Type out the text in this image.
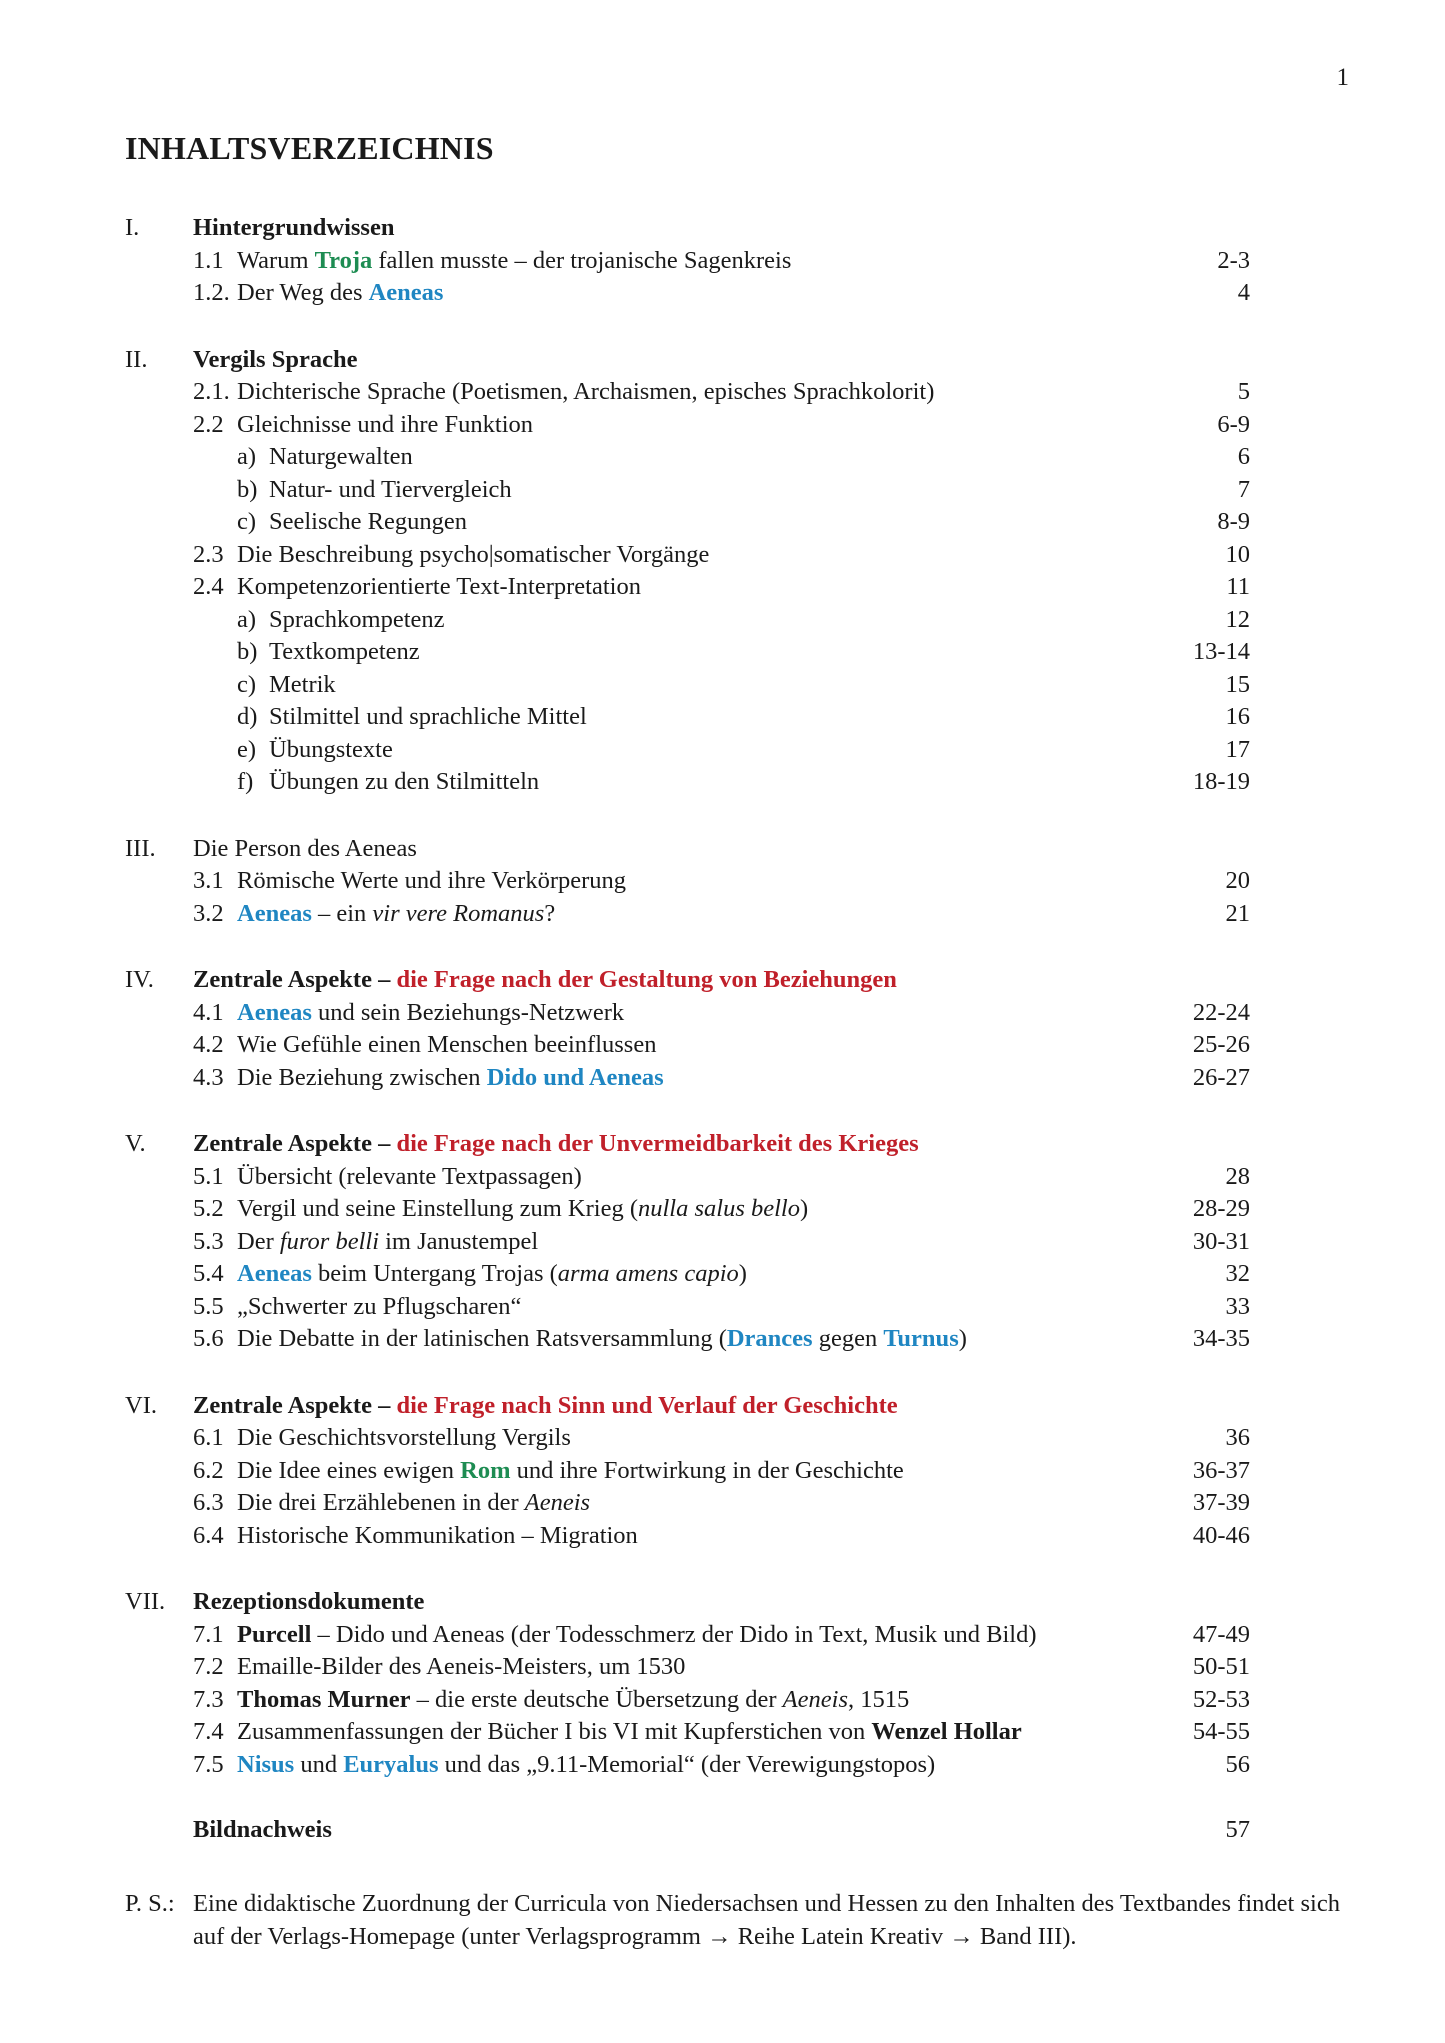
1
INHALTSVERZEICHNIS
I.	Hintergrundwissen
1.1 Warum Troja fallen musste – der trojanische Sagenkreis	2-3
1.2. Der Weg des Aeneas	4
II.	Vergils Sprache
2.1. Dichterische Sprache (Poetismen, Archaismen, episches Sprachkolorit)	5
2.2 Gleichnisse und ihre Funktion	6-9
a) Naturgewalten	6
b) Natur- und Tiervergleich	7
c) Seelische Regungen	8-9
2.3 Die Beschreibung psycho|somatischer Vorgänge	10
2.4 Kompetenzorientierte Text-Interpretation	11
a) Sprachkompetenz	12
b) Textkompetenz	13-14
c) Metrik	15
d) Stilmittel und sprachliche Mittel	16
e) Übungstexte	17
f) Übungen zu den Stilmitteln	18-19
III.	Die Person des Aeneas
3.1 Römische Werte und ihre Verkörperung	20
3.2 Aeneas – ein vir vere Romanus?	21
IV.	Zentrale Aspekte – die Frage nach der Gestaltung von Beziehungen
4.1 Aeneas und sein Beziehungs-Netzwerk	22-24
4.2 Wie Gefühle einen Menschen beeinflussen	25-26
4.3 Die Beziehung zwischen Dido und Aeneas	26-27
V.	Zentrale Aspekte – die Frage nach der Unvermeidbarkeit des Krieges
5.1 Übersicht (relevante Textpassagen)	28
5.2 Vergil und seine Einstellung zum Krieg (nulla salus bello)	28-29
5.3 Der furor belli im Janustempel	30-31
5.4 Aeneas beim Untergang Trojas (arma amens capio)	32
5.5 „Schwerter zu Pflugscharen“	33
5.6 Die Debatte in der latinischen Ratsversammlung (Drances gegen Turnus)	34-35
VI.	Zentrale Aspekte – die Frage nach Sinn und Verlauf der Geschichte
6.1 Die Geschichtsvorstellung Vergils	36
6.2 Die Idee eines ewigen Rom und ihre Fortwirkung in der Geschichte	36-37
6.3 Die drei Erzählebenen in der Aeneis	37-39
6.4 Historische Kommunikation – Migration	40-46
VII.	Rezeptionsdokumente
7.1 Purcell – Dido und Aeneas (der Todesschmerz der Dido in Text, Musik und Bild)	47-49
7.2 Emaille-Bilder des Aeneis-Meisters, um 1530	50-51
7.3 Thomas Murner – die erste deutsche Übersetzung der Aeneis, 1515	52-53
7.4 Zusammenfassungen der Bücher I bis VI mit Kupferstichen von Wenzel Hollar	54-55
7.5 Nisus und Euryalus und das „9.11-Memorial“ (der Verewigungstopos)	56
Bildnachweis	57
P. S.: Eine didaktische Zuordnung der Curricula von Niedersachsen und Hessen zu den Inhalten des Textbandes findet sich auf der Verlags-Homepage (unter Verlagsprogramm → Reihe Latein Kreativ → Band III).
